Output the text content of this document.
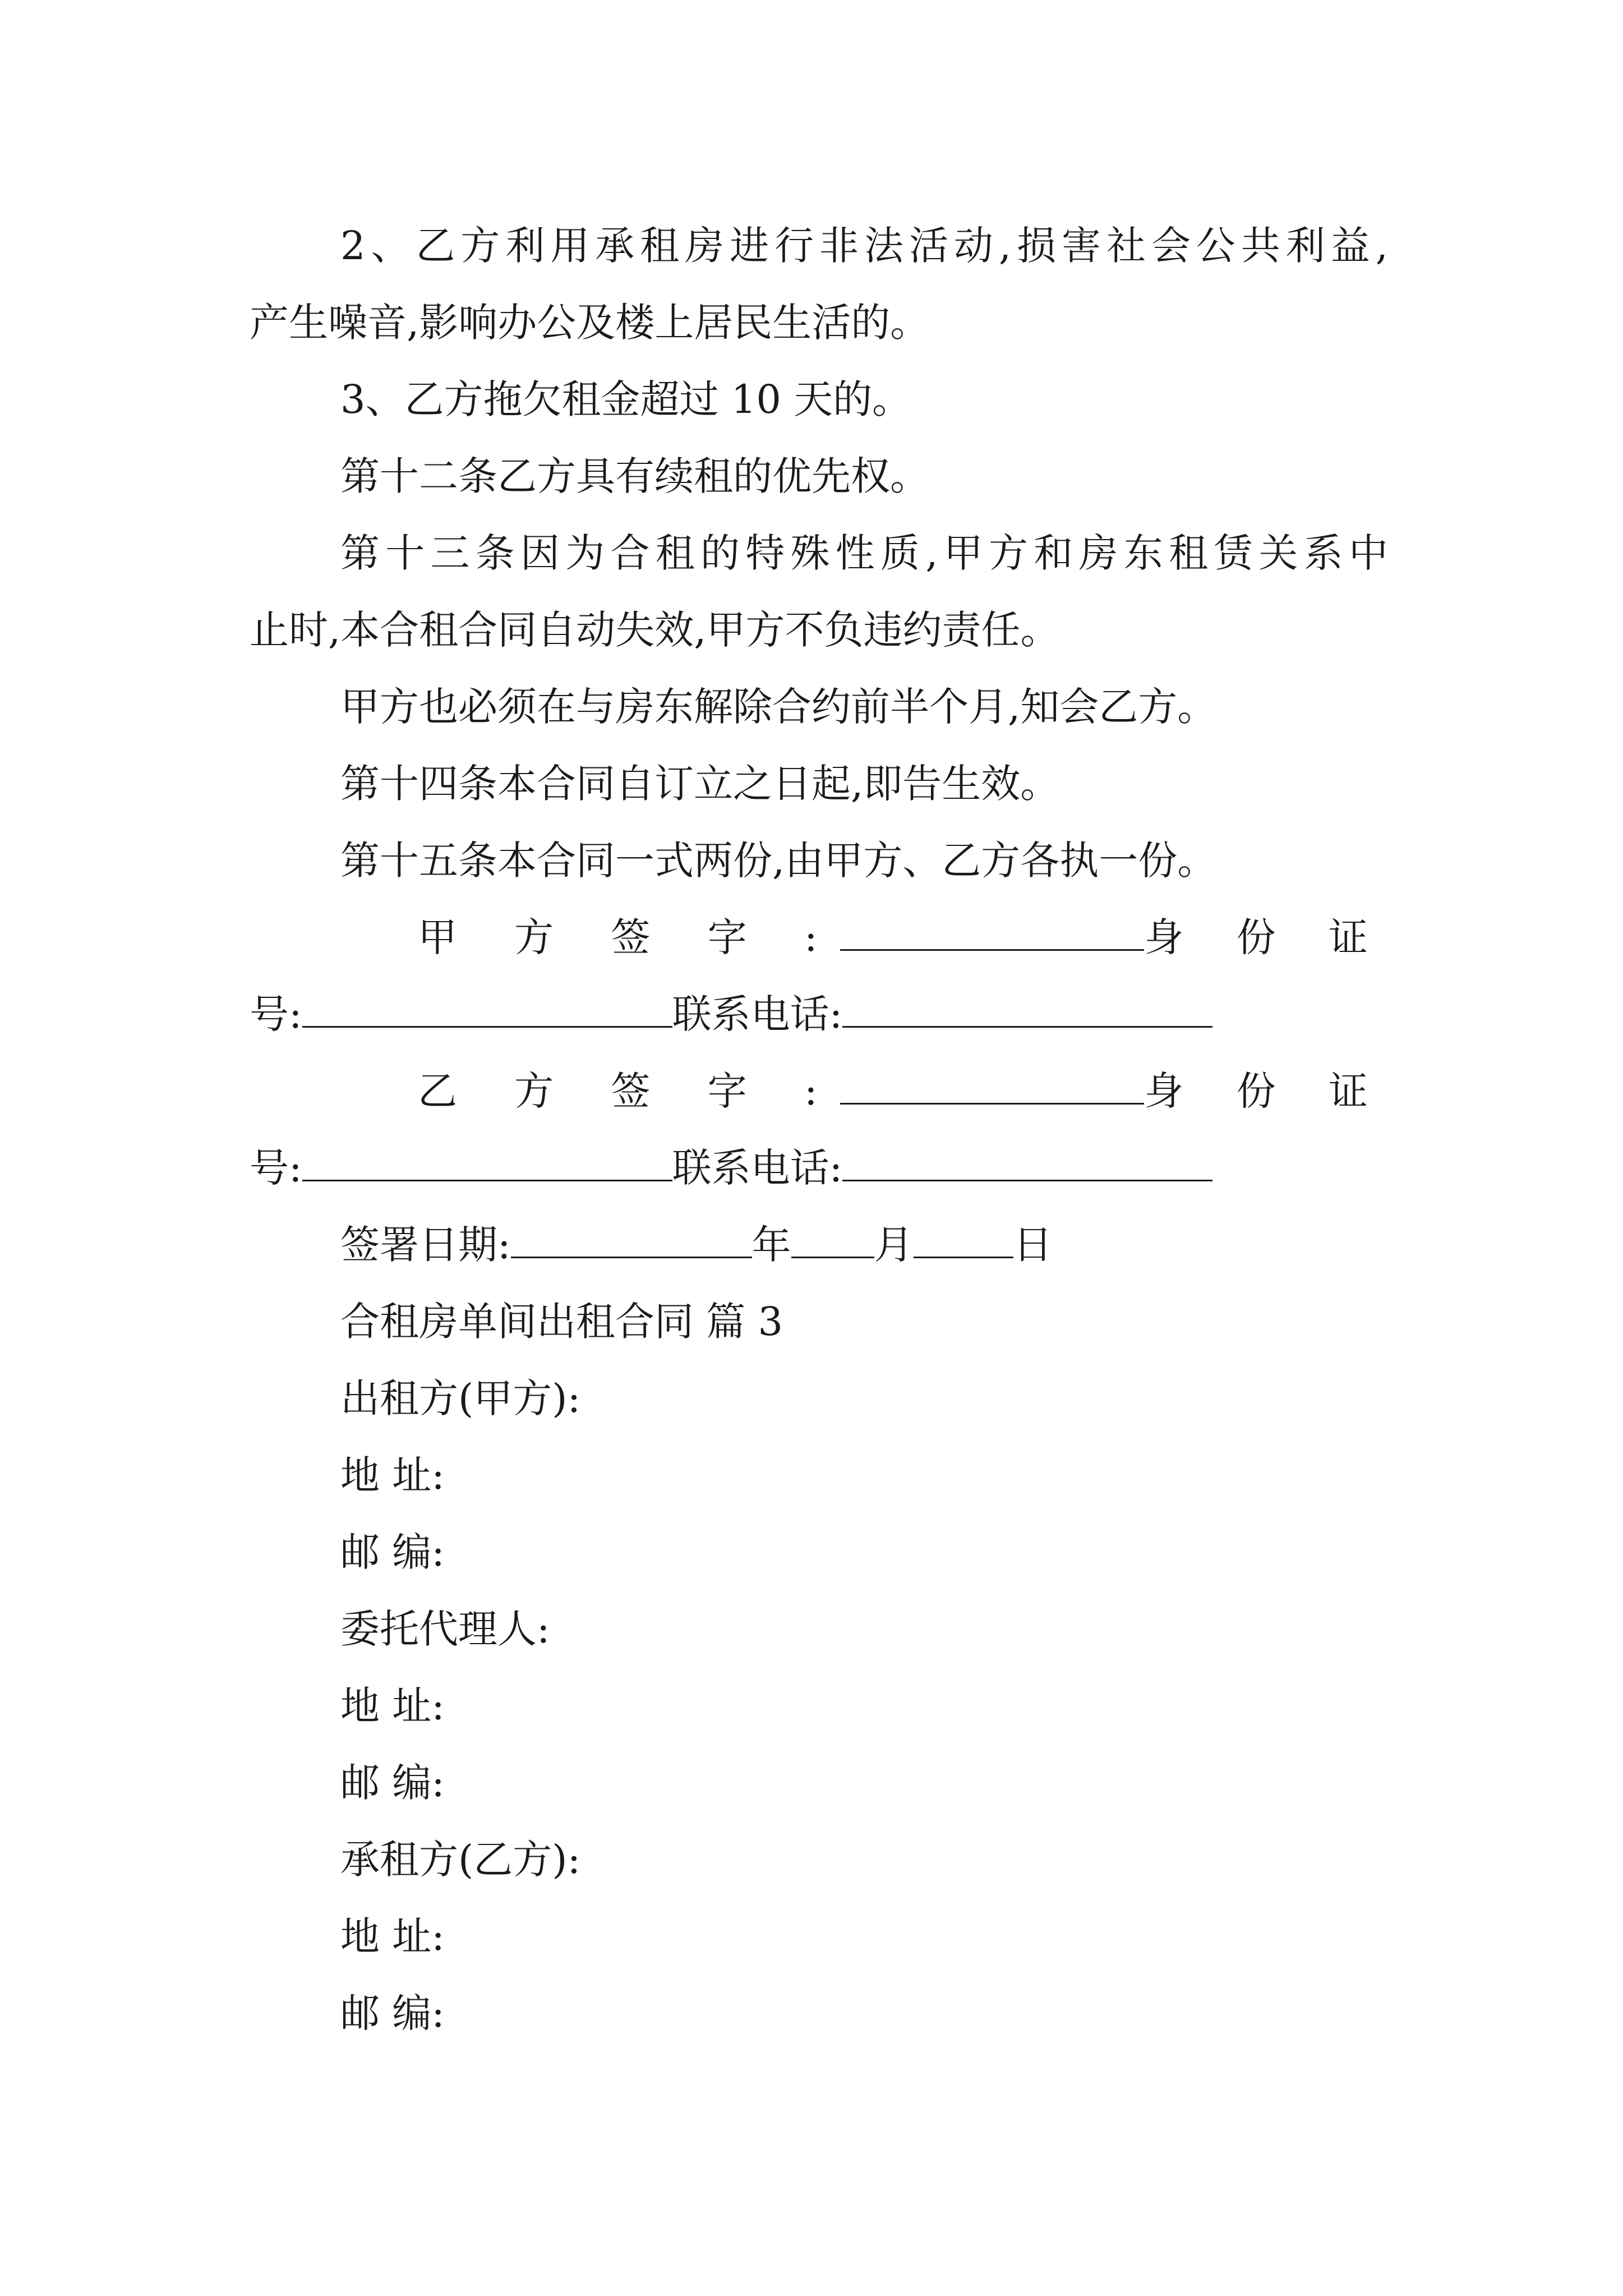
2、乙方利用承租房进行非法活动,损害社会公共利益,
产生噪音,影响办公及楼上居民生活的。
3、乙方拖欠租金超过 10 天的。
第十二条乙方具有续租的优先权。
第十三条因为合租的特殊性质,甲方和房东租赁关系中
止时,本合租合同自动失效,甲方不负违约责任。
甲方也必须在与房东解除合约前半个月,知会乙方。
第十四条本合同自订立之日起,即告生效。
第十五条本合同一式两份,由甲方、乙方各执一份。
甲 方 签 字 :	身 份 证
号:	联系电话:
乙 方 签 字 :	身 份 证
号:	联系电话:
签署日期:	年 月	日
合租房单间出租合同 篇 3
出租方(甲方):
地 址:
邮 编:
委托代理人:
地 址:
邮 编:
承租方(乙方):
地 址:
邮 编:
